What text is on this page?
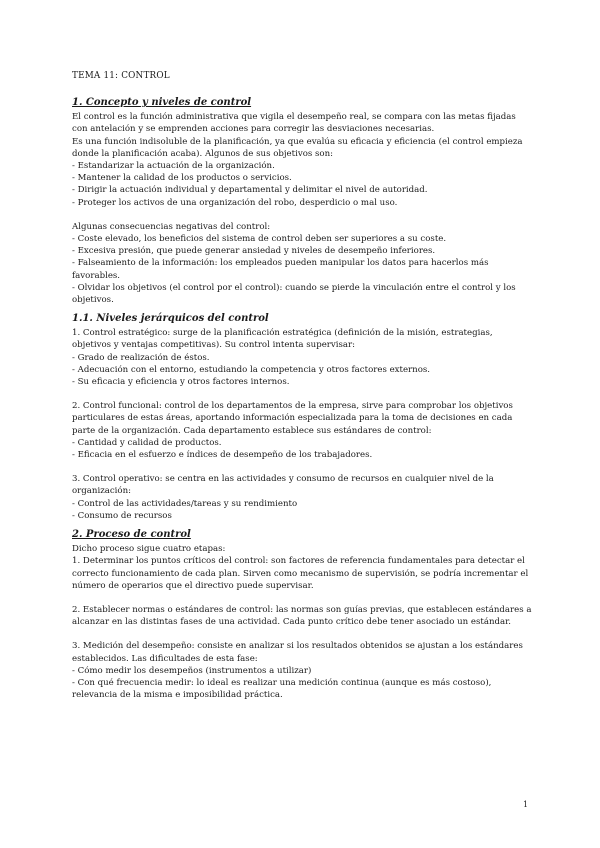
TEMA 11: CONTROL

1. Concepto y niveles de control

El control es la función administrativa que vigila el desempeño real, se compara con las metas fijadas con antelación y se emprenden acciones para corregir las desviaciones necesarias.

Es una función indisoluble de la planificación, ya que evalúa su eficacia y eficiencia (el control empieza donde la planificación acaba). Algunos de sus objetivos son:

- Estandarizar la actuación de la organización.

- Mantener la calidad de los productos o servicios.

- Dirigir la actuación individual y departamental y delimitar el nivel de autoridad.

- Proteger los activos de una organización del robo, desperdicio o mal uso.

Algunas consecuencias negativas del control:

- Coste elevado, los beneficios del sistema de control deben ser superiores a su coste.

- Excesiva presión, que puede generar ansiedad y niveles de desempeño inferiores.

- Falseamiento de la información: los empleados pueden manipular los datos para hacerlos más favorables.

- Olvidar los objetivos (el control por el control): cuando se pierde la vinculación entre el control y los objetivos.

1.1. Niveles jerárquicos del control

1. Control estratégico: surge de la planificación estratégica (definición de la misión, estrategias, objetivos y ventajas competitivas). Su control intenta supervisar:

- Grado de realización de éstos.

- Adecuación con el entorno, estudiando la competencia y otros factores externos.

- Su eficacia y eficiencia y otros factores internos.

2. Control funcional: control de los departamentos de la empresa, sirve para comprobar los objetivos particulares de estas áreas, aportando información especializada para la toma de decisiones en cada parte de la organización. Cada departamento establece sus estándares de control:

- Cantidad y calidad de productos.

- Eficacia en el esfuerzo e índices de desempeño de los trabajadores.

3. Control operativo: se centra en las actividades y consumo de recursos en cualquier nivel de la organización:

- Control de las actividades/tareas y su rendimiento

- Consumo de recursos

2. Proceso de control

Dicho proceso sigue cuatro etapas:

1. Determinar los puntos críticos del control: son factores de referencia fundamentales para detectar el correcto funcionamiento de cada plan. Sirven como mecanismo de supervisión, se podría incrementar el número de operarios que el directivo puede supervisar.

2. Establecer normas o estándares de control: las normas son guías previas, que establecen estándares a alcanzar en las distintas fases de una actividad. Cada punto crítico debe tener asociado un estándar.

3. Medición del desempeño: consiste en analizar si los resultados obtenidos se ajustan a los estándares establecidos. Las dificultades de esta fase:

- Cómo medir los desempeños (instrumentos a utilizar)

- Con qué frecuencia medir: lo ideal es realizar una medición continua (aunque es más costoso), relevancia de la misma e imposibilidad práctica.

1
